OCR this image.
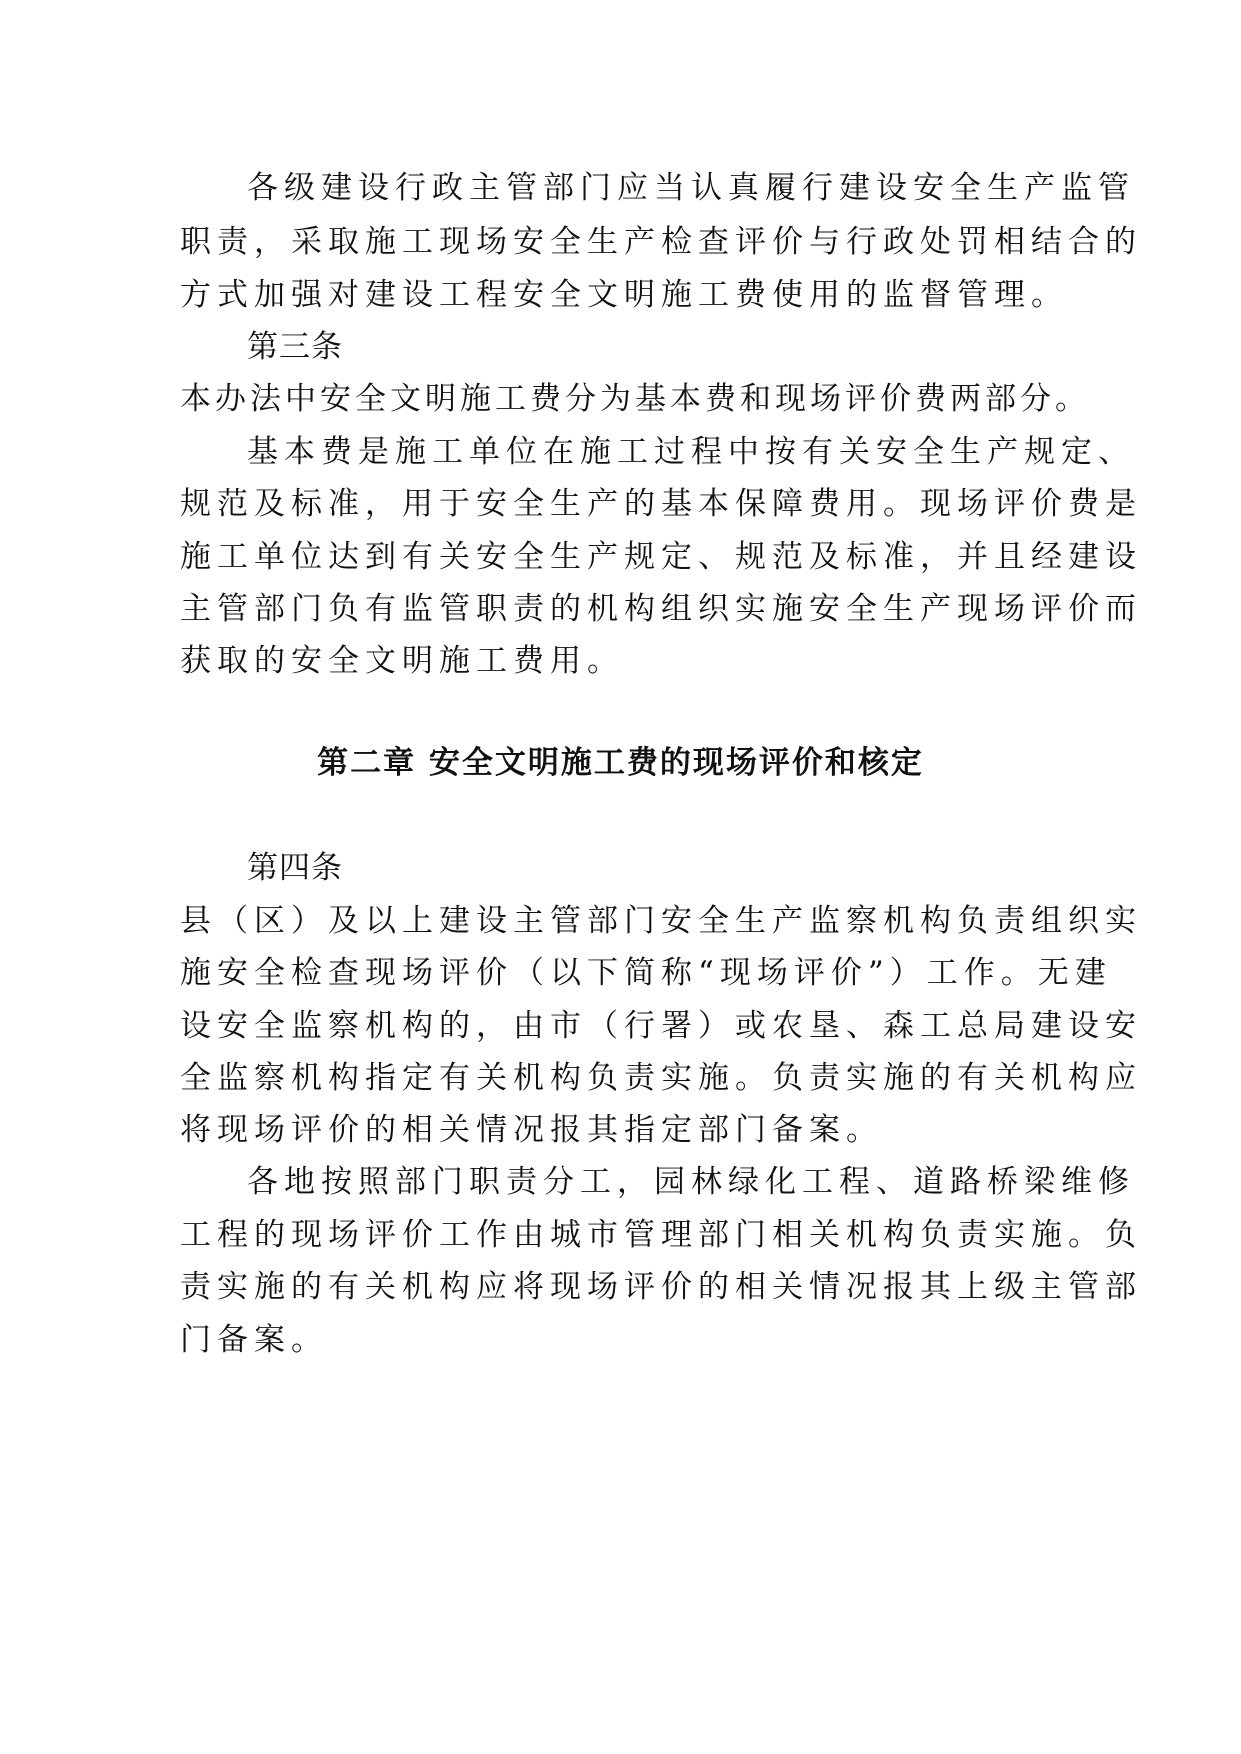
各级建设行政主管部门应当认真履行建设安全生产监管

职责，采取施工现场安全生产检查评价与行政处罚相结合的

方式加强对建设工程安全文明施工费使用的监督管理。

第三条

本办法中安全文明施工费分为基本费和现场评价费两部分。

基本费是施工单位在施工过程中按有关安全生产规定、

规范及标准，用于安全生产的基本保障费用。现场评价费是

施工单位达到有关安全生产规定、规范及标准，并且经建设

主管部门负有监管职责的机构组织实施安全生产现场评价而

获取的安全文明施工费用。

第二章 安全文明施工费的现场评价和核定

第四条

县（区）及以上建设主管部门安全生产监察机构负责组织实

施安全检查现场评价（以下简称“现场评价”）工作。无建

设安全监察机构的，由市（行署）或农垦、森工总局建设安

全监察机构指定有关机构负责实施。负责实施的有关机构应

将现场评价的相关情况报其指定部门备案。

各地按照部门职责分工，园林绿化工程、道路桥梁维修

工程的现场评价工作由城市管理部门相关机构负责实施。负

责实施的有关机构应将现场评价的相关情况报其上级主管部

门备案。
